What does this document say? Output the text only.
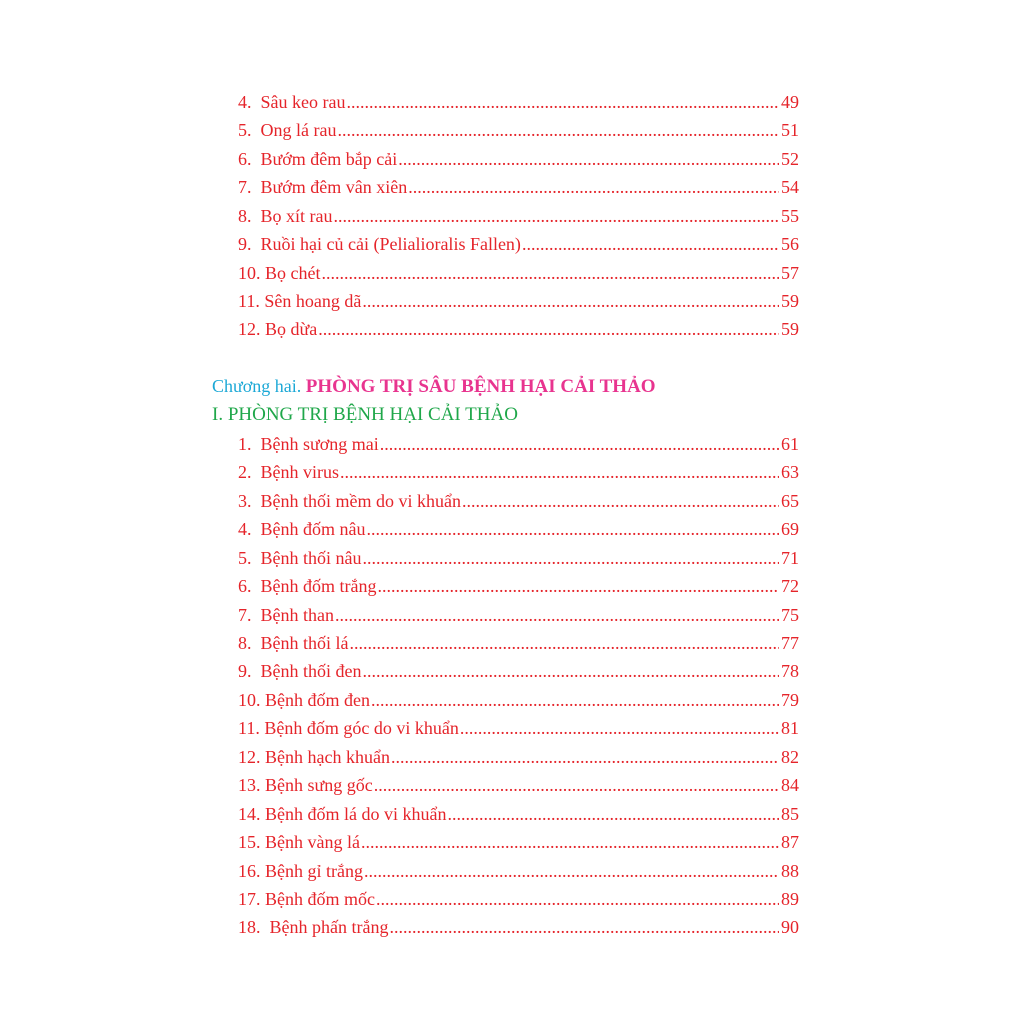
4.
Sâu keo rau .....	49
5.
Ong lá rau .....	51
6.
Bướm đêm bắp cải .....	52
7.
Bướm đêm vân xiên .....	54
8.
Bọ xít rau .....	55
9.
Ruồi hại củ cải (Pelialioralis Fallen) .....	56
10.
Bọ chét .....	57
11.
Sên hoang dã .....	59
12.
Bọ dừa .....	59
Chương hai. PHÒNG TRỊ SÂU BỆNH HẠI CẢI THẢO
I. PHÒNG TRỊ BỆNH HẠI CẢI THẢO
1.
Bệnh sương mai .....	61
2.
Bệnh virus .....	63
3.
Bệnh thối mềm do vi khuẩn .....	65
4.
Bệnh đốm nâu .....	69
5.
Bệnh thối nâu .....	71
6.
Bệnh đốm trắng .....	72
7.
Bệnh than .....	75
8.
Bệnh thối lá .....	77
9.
Bệnh thối đen .....	78
10.
Bệnh đốm đen .....	79
11.
Bệnh đốm góc do vi khuẩn .....	81
12.
Bệnh hạch khuẩn .....	82
13.
Bệnh sưng gốc .....	84
14.
Bệnh đốm lá do vi khuẩn .....	85
15.
Bệnh vàng lá .....	87
16.
Bệnh gỉ trắng .....	88
17.
Bệnh đốm mốc .....	89
18.
Bệnh phấn trắng .....	90
